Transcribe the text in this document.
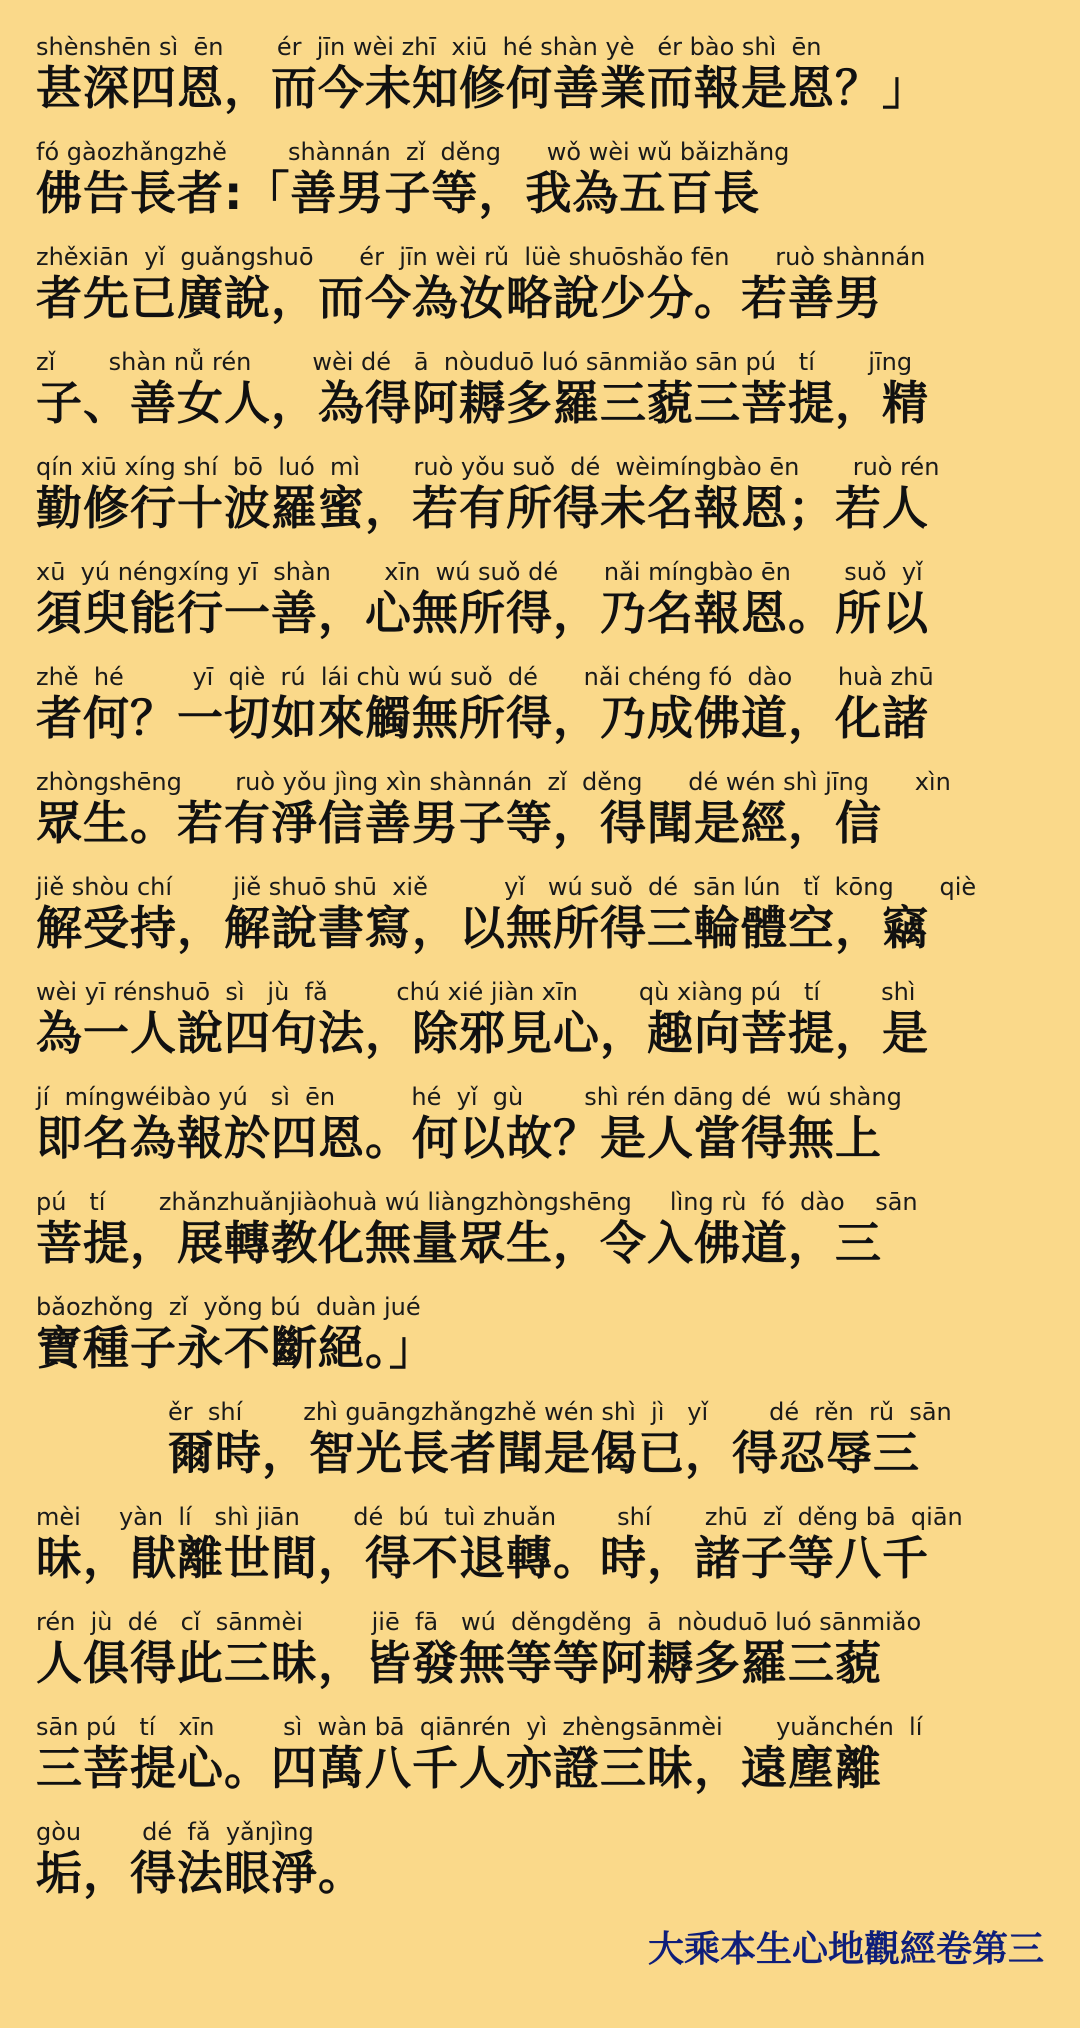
shènshēn sì  ēn       ér  jīn wèi zhī  xiū  hé shàn yè   ér bào shì  ēn
甚深四恩，而今未知修何善業而報是恩？」
fó gàozhǎngzhě        shànnán  zǐ  děng      wǒ wèi wǔ bǎizhǎng
佛告長者:「善男子等，我為五百長
zhěxiān  yǐ  guǎngshuō      ér  jīn wèi rǔ  lüè shuōshǎo fēn      ruò shànnán
者先已廣說，而今為汝略說少分。若善男
zǐ       shàn nǚ rén        wèi dé   ā  nòuduō luó sānmiǎo sān pú   tí       jīng
子、善女人，為得阿耨多羅三藐三菩提，精
qín xiū xíng shí  bō  luó  mì       ruò yǒu suǒ  dé  wèimíngbào ēn       ruò rén
勤修行十波羅蜜，若有所得未名報恩；若人
xū  yú néngxíng yī  shàn       xīn  wú suǒ dé      nǎi míngbào ēn       suǒ  yǐ
須臾能行一善，心無所得，乃名報恩。所以
zhě  hé         yī  qiè  rú  lái chù wú suǒ  dé      nǎi chéng fó  dào      huà zhū
者何？一切如來觸無所得，乃成佛道，化諸
zhòngshēng       ruò yǒu jìng xìn shànnán  zǐ  děng      dé wén shì jīng      xìn
眾生。若有淨信善男子等，得聞是經，信
jiě shòu chí        jiě shuō shū  xiě          yǐ   wú suǒ  dé  sān lún   tǐ  kōng      qiè
解受持，解說書寫，以無所得三輪體空，竊
wèi yī rénshuō  sì   jù  fǎ         chú xié jiàn xīn        qù xiàng pú   tí        shì
為一人說四句法，除邪見心，趣向菩提，是
jí  míngwéibào yú   sì  ēn          hé  yǐ  gù        shì rén dāng dé  wú shàng
即名為報於四恩。何以故？是人當得無上
pú   tí       zhǎnzhuǎnjiàohuà wú liàngzhòngshēng     lìng rù  fó  dào    sān
菩提，展轉教化無量眾生，令入佛道，三
bǎozhǒng  zǐ  yǒng bú  duàn jué
寶種子永不斷絕。」
ěr  shí        zhì guāngzhǎngzhě wén shì  jì   yǐ        dé  rěn  rǔ  sān
爾時，智光長者聞是偈已，得忍辱三
mèi     yàn  lí   shì jiān       dé  bú  tuì zhuǎn        shí       zhū  zǐ  děng bā  qiān
昧，猒離世間，得不退轉。時，諸子等八千
rén  jù  dé   cǐ  sānmèi         jiē  fā   wú  děngděng  ā  nòuduō luó sānmiǎo
人俱得此三昧，皆發無等等阿耨多羅三藐
sān pú   tí   xīn         sì  wàn bā  qiānrén  yì  zhèngsānmèi       yuǎnchén  lí
三菩提心。四萬八千人亦證三昧，遠塵離
gòu        dé  fǎ  yǎnjìng
垢，得法眼淨。
大乘本生心地觀經卷第三
